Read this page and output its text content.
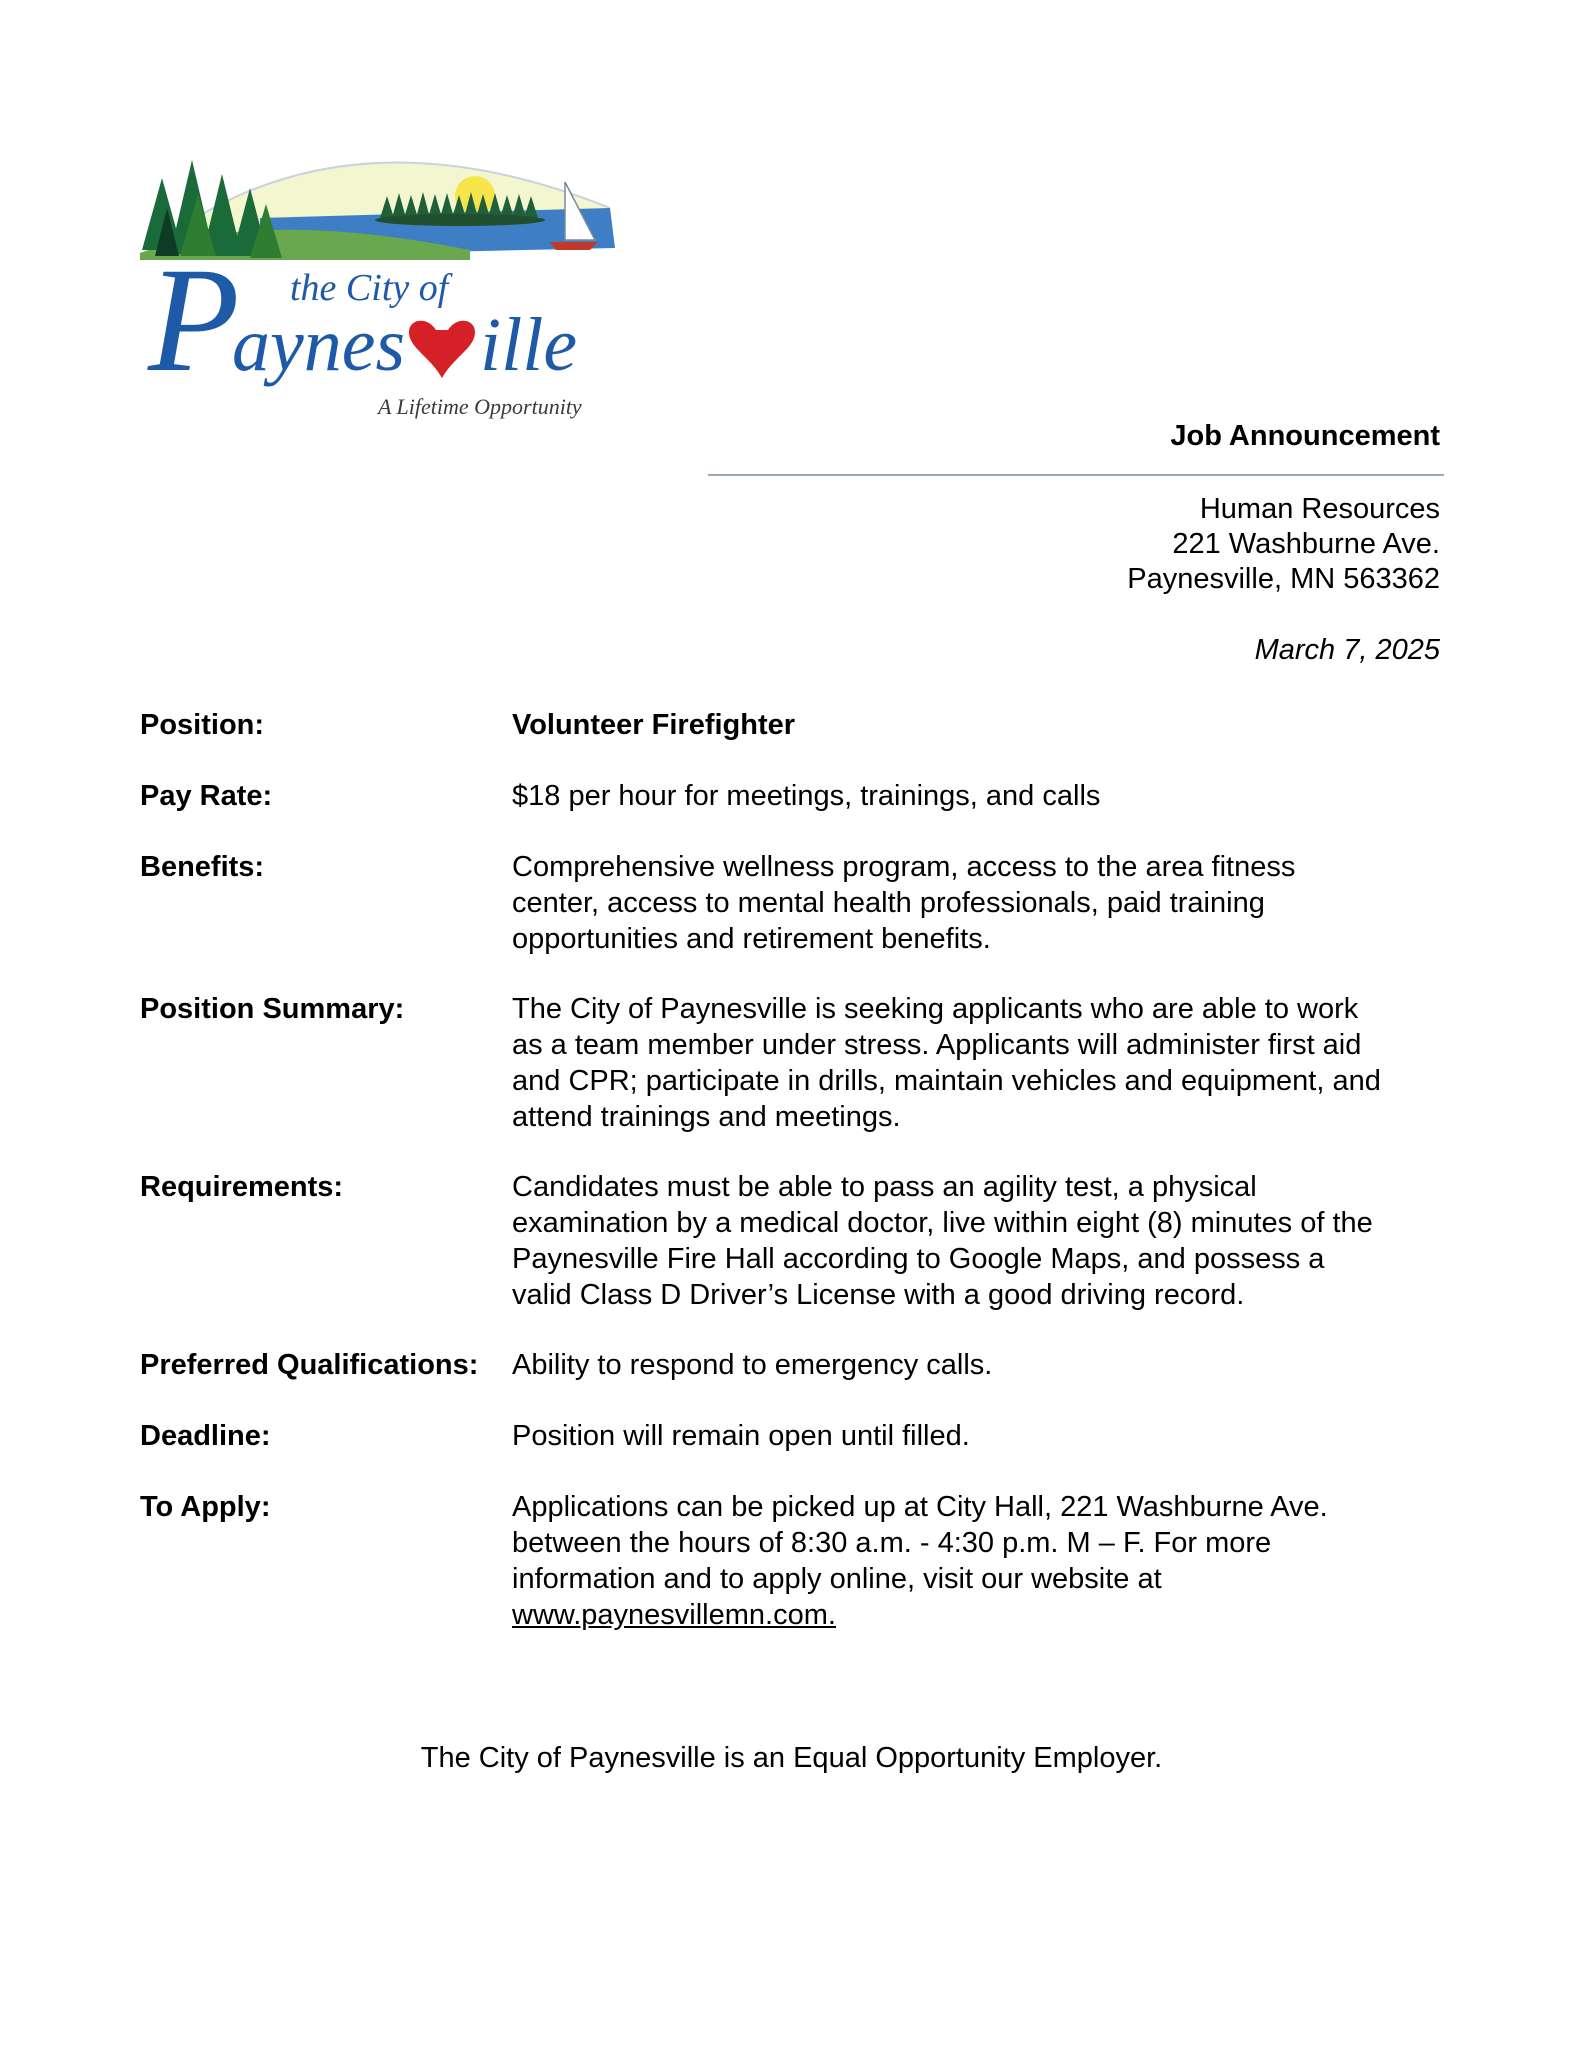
P the City of
aynes ille
A Lifetime Opportunity
Job Announcement
Human Resources
221 Washburne Ave.
Paynesville, MN 563362
March 7, 2025
Position:	Volunteer Firefighter
Pay Rate:	$18 per hour for meetings, trainings, and calls
Benefits:	Comprehensive wellness program, access to the area fitness
center, access to mental health professionals, paid training
opportunities and retirement benefits.
Position Summary:	The City of Paynesville is seeking applicants who are able to work
as a team member under stress. Applicants will administer first aid
and CPR; participate in drills, maintain vehicles and equipment, and
attend trainings and meetings.
Requirements:	Candidates must be able to pass an agility test, a physical
examination by a medical doctor, live within eight (8) minutes of the
Paynesville Fire Hall according to Google Maps, and possess a
valid Class D Driver’s License with a good driving record.
Preferred Qualifications: Ability to respond to emergency calls.
Deadline:	Position will remain open until filled.
To Apply:	Applications can be picked up at City Hall, 221 Washburne Ave.
between the hours of 8:30 a.m. - 4:30 p.m. M – F. For more
information and to apply online, visit our website at
www.paynesvillemn.com.
The City of Paynesville is an Equal Opportunity Employer.
